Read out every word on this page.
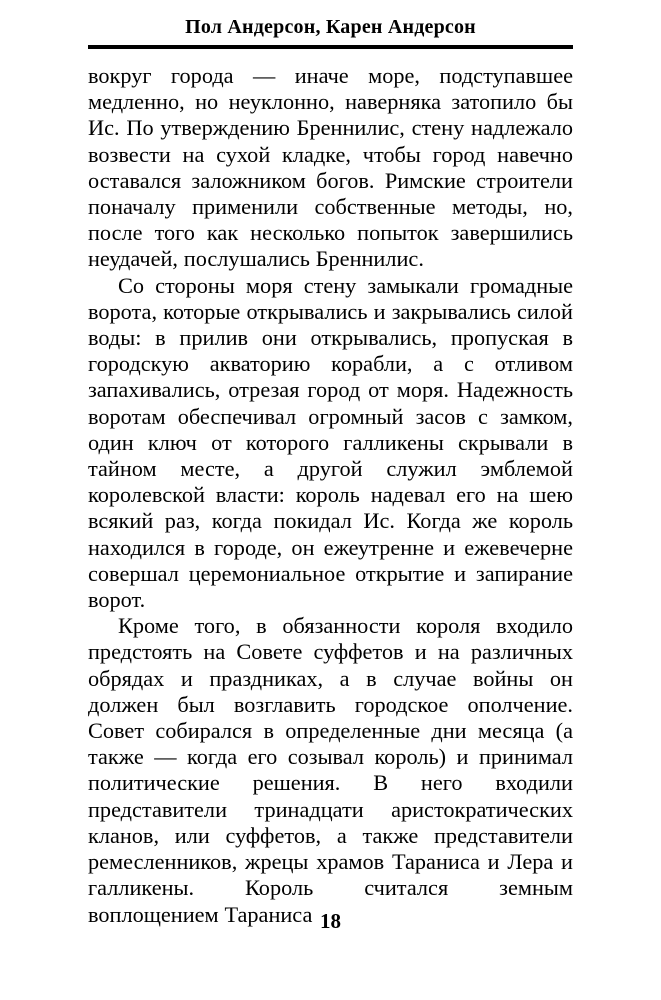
Пол Андерсон, Карен Андерсон

вокруг города — иначе море, подступавшее медленно, но неуклонно, наверняка затопило бы Ис. По утверждению Бреннилис, стену надлежало возвести на сухой кладке, чтобы город навечно оставался заложником богов. Римские строители поначалу применили собственные методы, но, после того как несколько попыток завершились неудачей, послушались Бреннилис.

Со стороны моря стену замыкали громадные ворота, которые открывались и закрывались силой воды: в прилив они открывались, пропуская в городскую акваторию корабли, а с отливом запахивались, отрезая город от моря. Надежность воротам обеспечивал огромный засов с замком, один ключ от которого галликены скрывали в тайном месте, а другой служил эмблемой королевской власти: король надевал его на шею всякий раз, когда покидал Ис. Когда же король находился в городе, он ежеутренне и ежевечерне совершал церемониальное открытие и запирание ворот.

Кроме того, в обязанности короля входило предстоять на Совете суффетов и на различных обрядах и праздниках, а в случае войны он должен был возглавить городское ополчение. Совет собирался в определенные дни месяца (а также — когда его созывал король) и принимал политические решения. В него входили представители тринадцати аристократических кланов, или суффетов, а также представители ремесленников, жрецы храмов Тараниса и Лера и галликены. Король считался земным воплощением Тараниса 18
